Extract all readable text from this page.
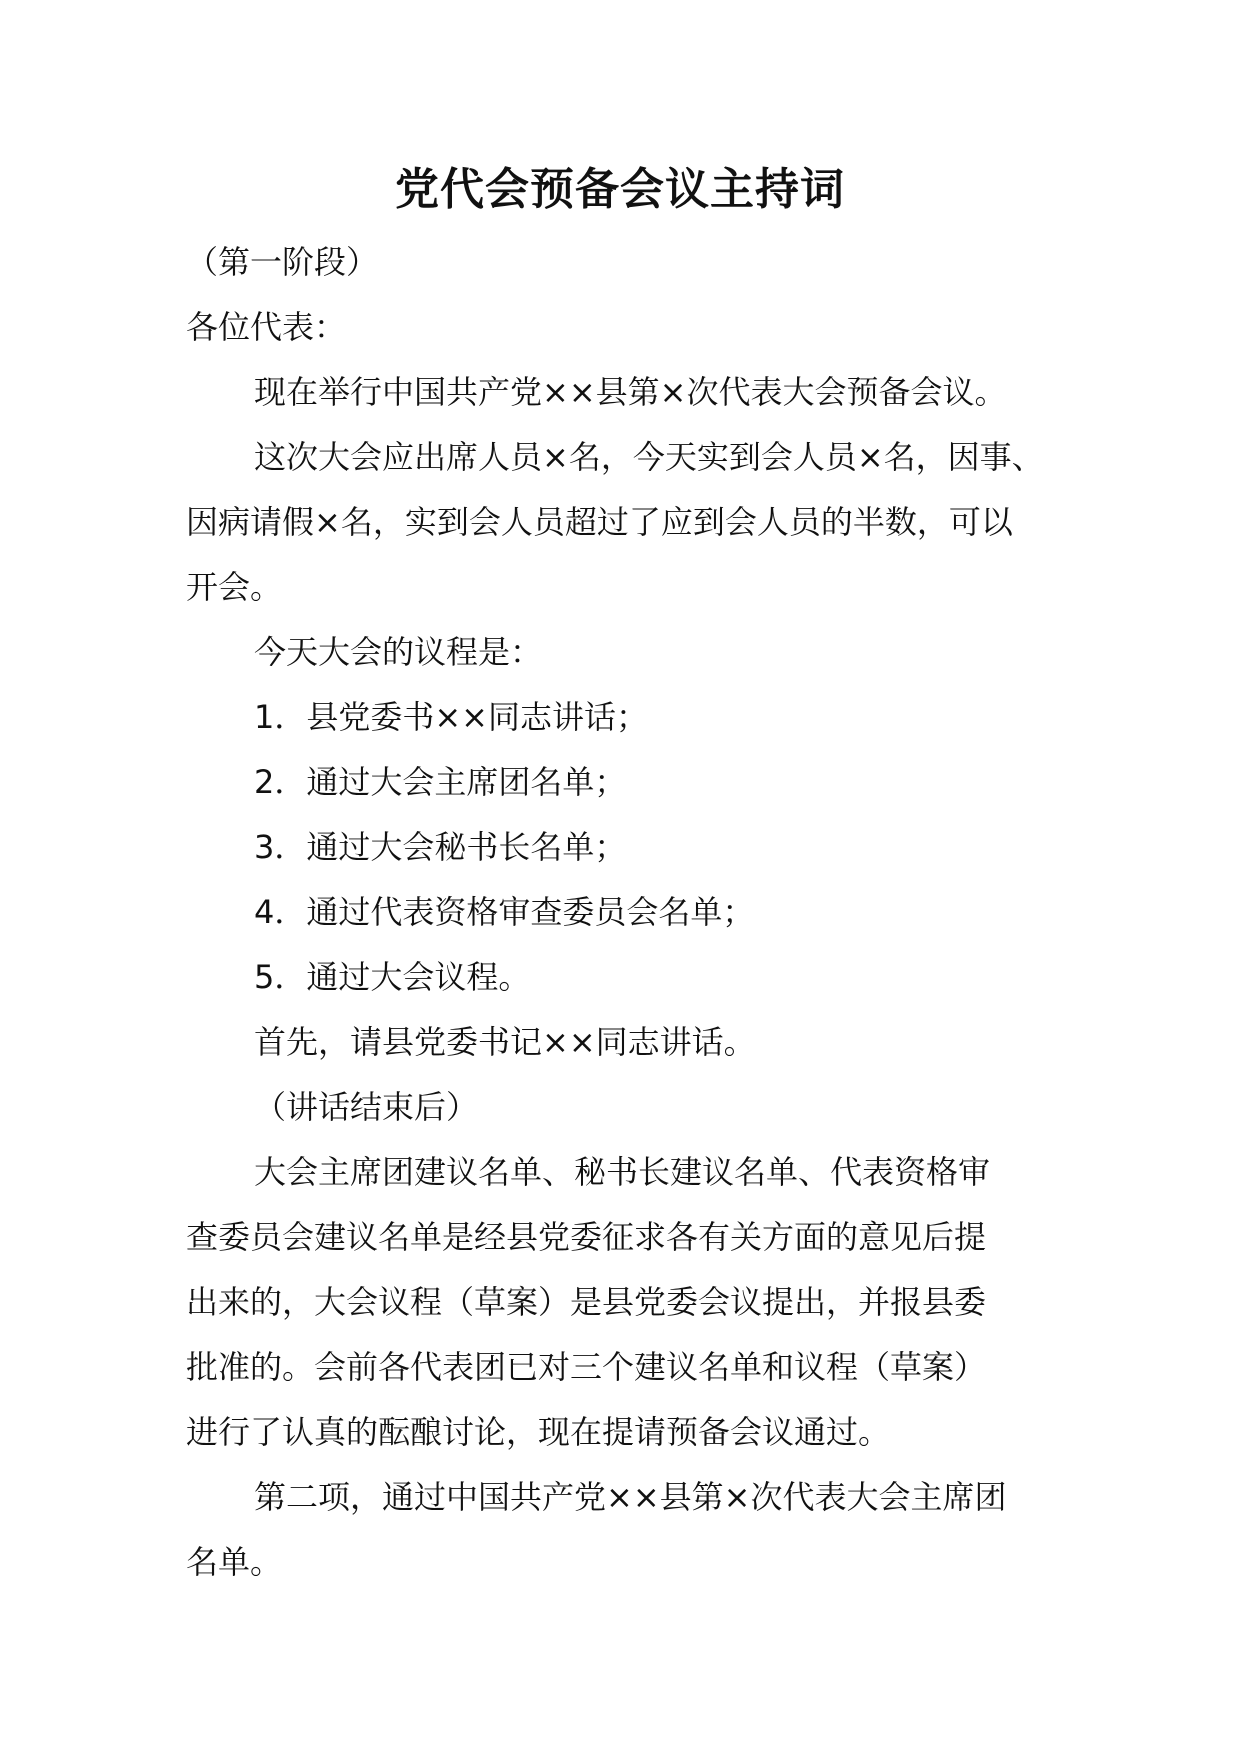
党代会预备会议主持词
（第一阶段）
各位代表：
现在举行中国共产党××县第×次代表大会预备会议。
这次大会应出席人员×名，今天实到会人员×名，因事、
因病请假×名，实到会人员超过了应到会人员的半数，可以
开会。
今天大会的议程是：
1．县党委书××同志讲话；
2．通过大会主席团名单；
3．通过大会秘书长名单；
4．通过代表资格审查委员会名单；
5．通过大会议程。
首先，请县党委书记××同志讲话。
（讲话结束后）
大会主席团建议名单、秘书长建议名单、代表资格审
查委员会建议名单是经县党委征求各有关方面的意见后提
出来的，大会议程（草案）是县党委会议提出，并报县委
批准的。会前各代表团已对三个建议名单和议程（草案）
进行了认真的酝酿讨论，现在提请预备会议通过。
第二项，通过中国共产党××县第×次代表大会主席团
名单。
